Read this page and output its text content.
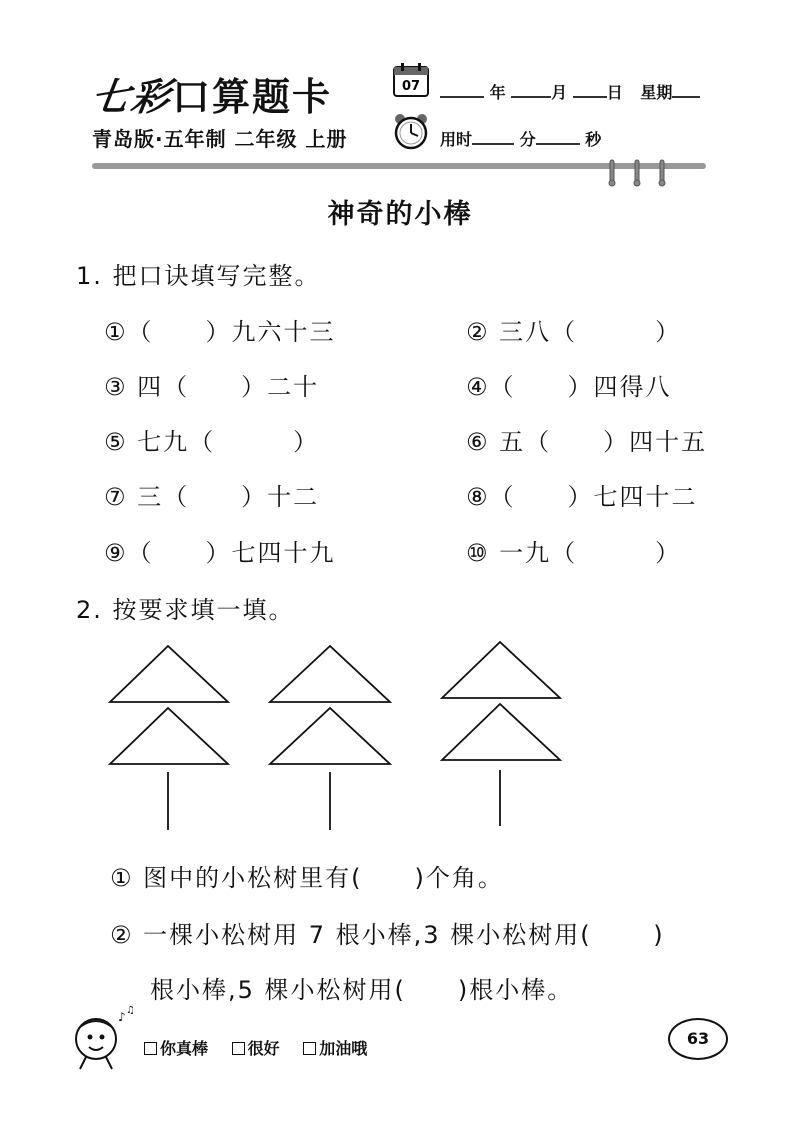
七彩口算题卡
青岛版·五年制 二年级 上册
07	年	月 日 星期
用时	分	秒
神奇的小棒
1. 把口诀填写完整。
①（　　）九六十三	② 三八（　　　）
③ 四（　　）二十	④（　　）四得八
⑤ 七九（　　　）	⑥ 五（　　）四十五
⑦ 三（　　）十二	⑧（　　）七四十二
⑨（　　）七四十九	⑩ 一九（　　　）
2. 按要求填一填。
① 图中的小松树里有(　　)个角。
② 一棵小松树用 7 根小棒,3 棵小松树用(　　 )
根小棒,5 棵小松树用(　　)根小棒。
♪ ♫
你真棒 很好 加油哦
63
